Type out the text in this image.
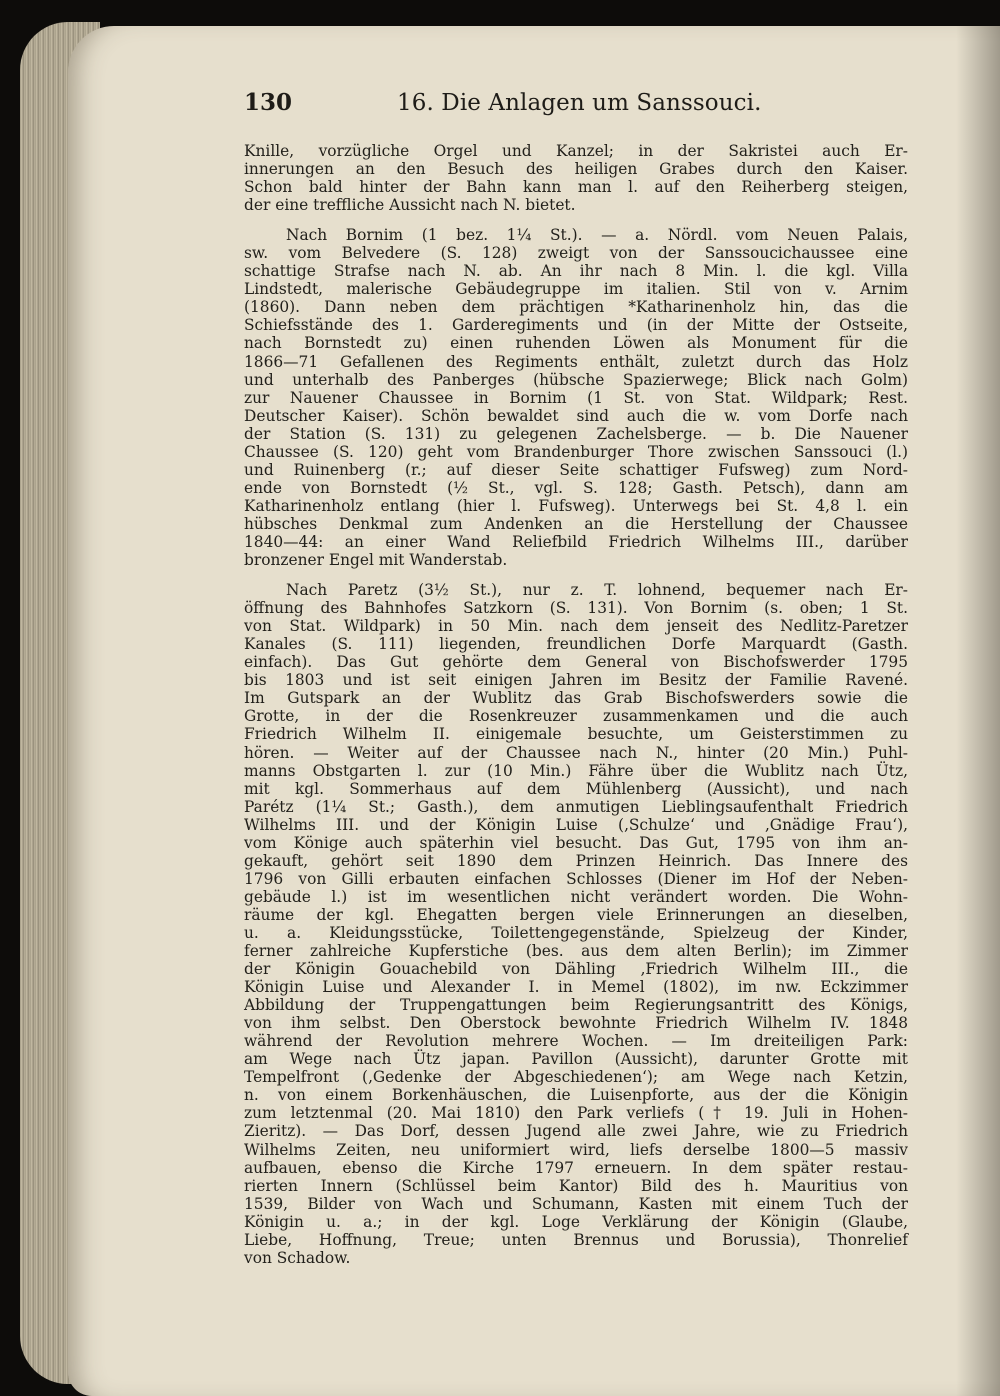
130	16. Die Anlagen um Sanssouci.
Knille, vorzügliche Orgel und Kanzel; in der Sakristei auch Er-
innerungen an den Besuch des heiligen Grabes durch den Kaiser.
Schon bald hinter der Bahn kann man l. auf den Reiherberg steigen,
der eine treffliche Aussicht nach N. bietet.
Nach Bornim (1 bez. 1¼ St.). — a. Nördl. vom Neuen Palais,
sw. vom Belvedere (S. 128) zweigt von der Sanssoucichaussee eine
schattige Strafse nach N. ab. An ihr nach 8 Min. l. die kgl. Villa
Lindstedt, malerische Gebäudegruppe im italien. Stil von v. Arnim
(1860). Dann neben dem prächtigen *Katharinenholz hin, das die
Schiefsstände des 1. Garderegiments und (in der Mitte der Ostseite,
nach Bornstedt zu) einen ruhenden Löwen als Monument für die
1866—71 Gefallenen des Regiments enthält, zuletzt durch das Holz
und unterhalb des Panberges (hübsche Spazierwege; Blick nach Golm)
zur Nauener Chaussee in Bornim (1 St. von Stat. Wildpark; Rest.
Deutscher Kaiser). Schön bewaldet sind auch die w. vom Dorfe nach
der Station (S. 131) zu gelegenen Zachelsberge. — b. Die Nauener
Chaussee (S. 120) geht vom Brandenburger Thore zwischen Sanssouci (l.)
und Ruinenberg (r.; auf dieser Seite schattiger Fufsweg) zum Nord-
ende von Bornstedt (½ St., vgl. S. 128; Gasth. Petsch), dann am
Katharinenholz entlang (hier l. Fufsweg). Unterwegs bei St. 4,8 l. ein
hübsches Denkmal zum Andenken an die Herstellung der Chaussee
1840—44: an einer Wand Reliefbild Friedrich Wilhelms III., darüber
bronzener Engel mit Wanderstab.
Nach Paretz (3½ St.), nur z. T. lohnend, bequemer nach Er-
öffnung des Bahnhofes Satzkorn (S. 131). Von Bornim (s. oben; 1 St.
von Stat. Wildpark) in 50 Min. nach dem jenseit des Nedlitz-Paretzer
Kanales (S. 111) liegenden, freundlichen Dorfe Marquardt (Gasth.
einfach). Das Gut gehörte dem General von Bischofswerder 1795
bis 1803 und ist seit einigen Jahren im Besitz der Familie Ravené.
Im Gutspark an der Wublitz das Grab Bischofswerders sowie die
Grotte, in der die Rosenkreuzer zusammenkamen und die auch
Friedrich Wilhelm II. einigemale besuchte, um Geisterstimmen zu
hören. — Weiter auf der Chaussee nach N., hinter (20 Min.) Puhl-
manns Obstgarten l. zur (10 Min.) Fähre über die Wublitz nach Ütz,
mit kgl. Sommerhaus auf dem Mühlenberg (Aussicht), und nach
Parétz (1¼ St.; Gasth.), dem anmutigen Lieblingsaufenthalt Friedrich
Wilhelms III. und der Königin Luise (‚Schulze‘ und ‚Gnädige Frau‘),
vom Könige auch späterhin viel besucht. Das Gut, 1795 von ihm an-
gekauft, gehört seit 1890 dem Prinzen Heinrich. Das Innere des
1796 von Gilli erbauten einfachen Schlosses (Diener im Hof der Neben-
gebäude l.) ist im wesentlichen nicht verändert worden. Die Wohn-
räume der kgl. Ehegatten bergen viele Erinnerungen an dieselben,
u. a. Kleidungsstücke, Toilettengegenstände, Spielzeug der Kinder,
ferner zahlreiche Kupferstiche (bes. aus dem alten Berlin); im Zimmer
der Königin Gouachebild von Dähling ‚Friedrich Wilhelm III., die
Königin Luise und Alexander I. in Memel (1802), im nw. Eckzimmer
Abbildung der Truppengattungen beim Regierungsantritt des Königs,
von ihm selbst. Den Oberstock bewohnte Friedrich Wilhelm IV. 1848
während der Revolution mehrere Wochen. — Im dreiteiligen Park:
am Wege nach Ütz japan. Pavillon (Aussicht), darunter Grotte mit
Tempelfront (‚Gedenke der Abgeschiedenen‘); am Wege nach Ketzin,
n. von einem Borkenhäuschen, die Luisenpforte, aus der die Königin
zum letztenmal (20. Mai 1810) den Park verliefs († 19. Juli in Hohen-
Zieritz). — Das Dorf, dessen Jugend alle zwei Jahre, wie zu Friedrich
Wilhelms Zeiten, neu uniformiert wird, liefs derselbe 1800—5 massiv
aufbauen, ebenso die Kirche 1797 erneuern. In dem später restau-
rierten Innern (Schlüssel beim Kantor) Bild des h. Mauritius von
1539, Bilder von Wach und Schumann, Kasten mit einem Tuch der
Königin u. a.; in der kgl. Loge Verklärung der Königin (Glaube,
Liebe, Hoffnung, Treue; unten Brennus und Borussia), Thonrelief
von Schadow.
